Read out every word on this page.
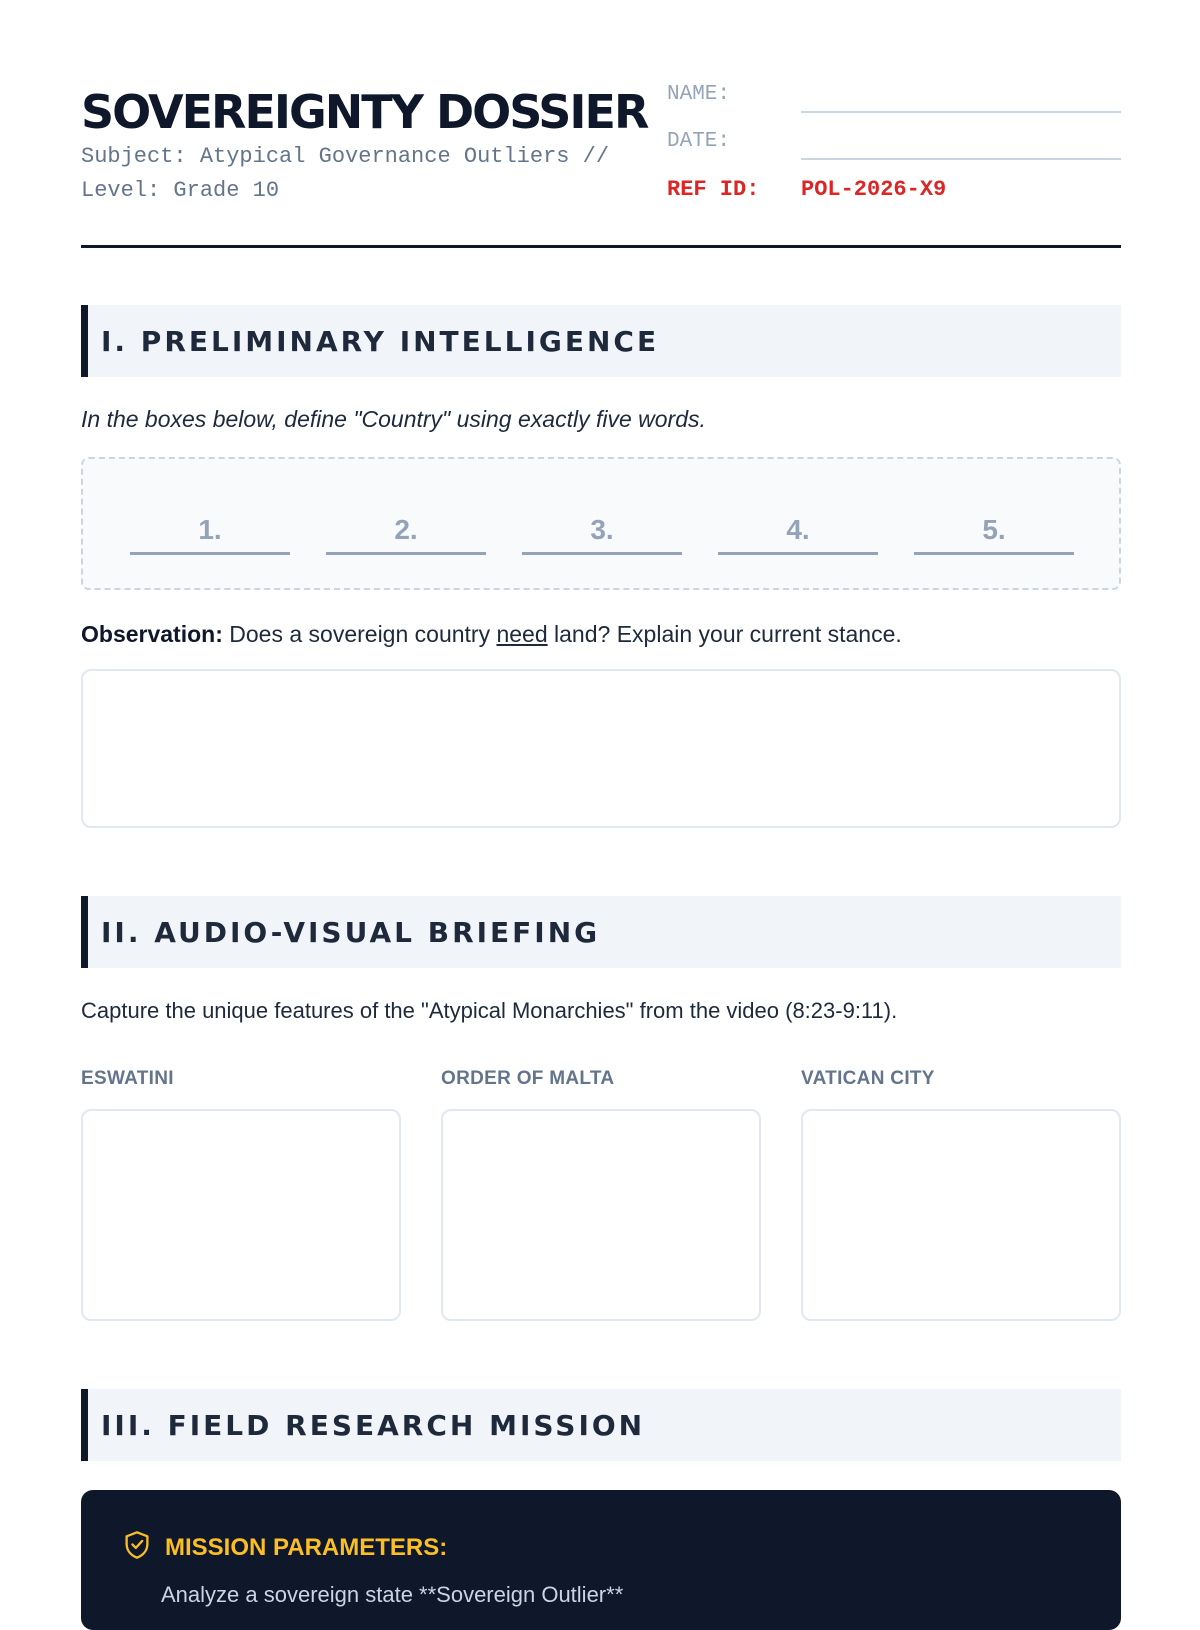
SOVEREIGNTY DOSSIER
Subject: Atypical Governance Outliers // Level: Grade 10
NAME:
DATE:
REF ID: POL-2026-X9
I. PRELIMINARY INTELLIGENCE
In the boxes below, define "Country" using exactly five words.
1.	2.	3.	4.	5.
Observation: Does a sovereign country need land? Explain your current stance.
II. AUDIO-VISUAL BRIEFING
Capture the unique features of the "Atypical Monarchies" from the video (8:23-9:11).
ESWATINI	ORDER OF MALTA	VATICAN CITY
III. FIELD RESEARCH MISSION
MISSION PARAMETERS:
Analyze a sovereign state **Sovereign Outlier**
